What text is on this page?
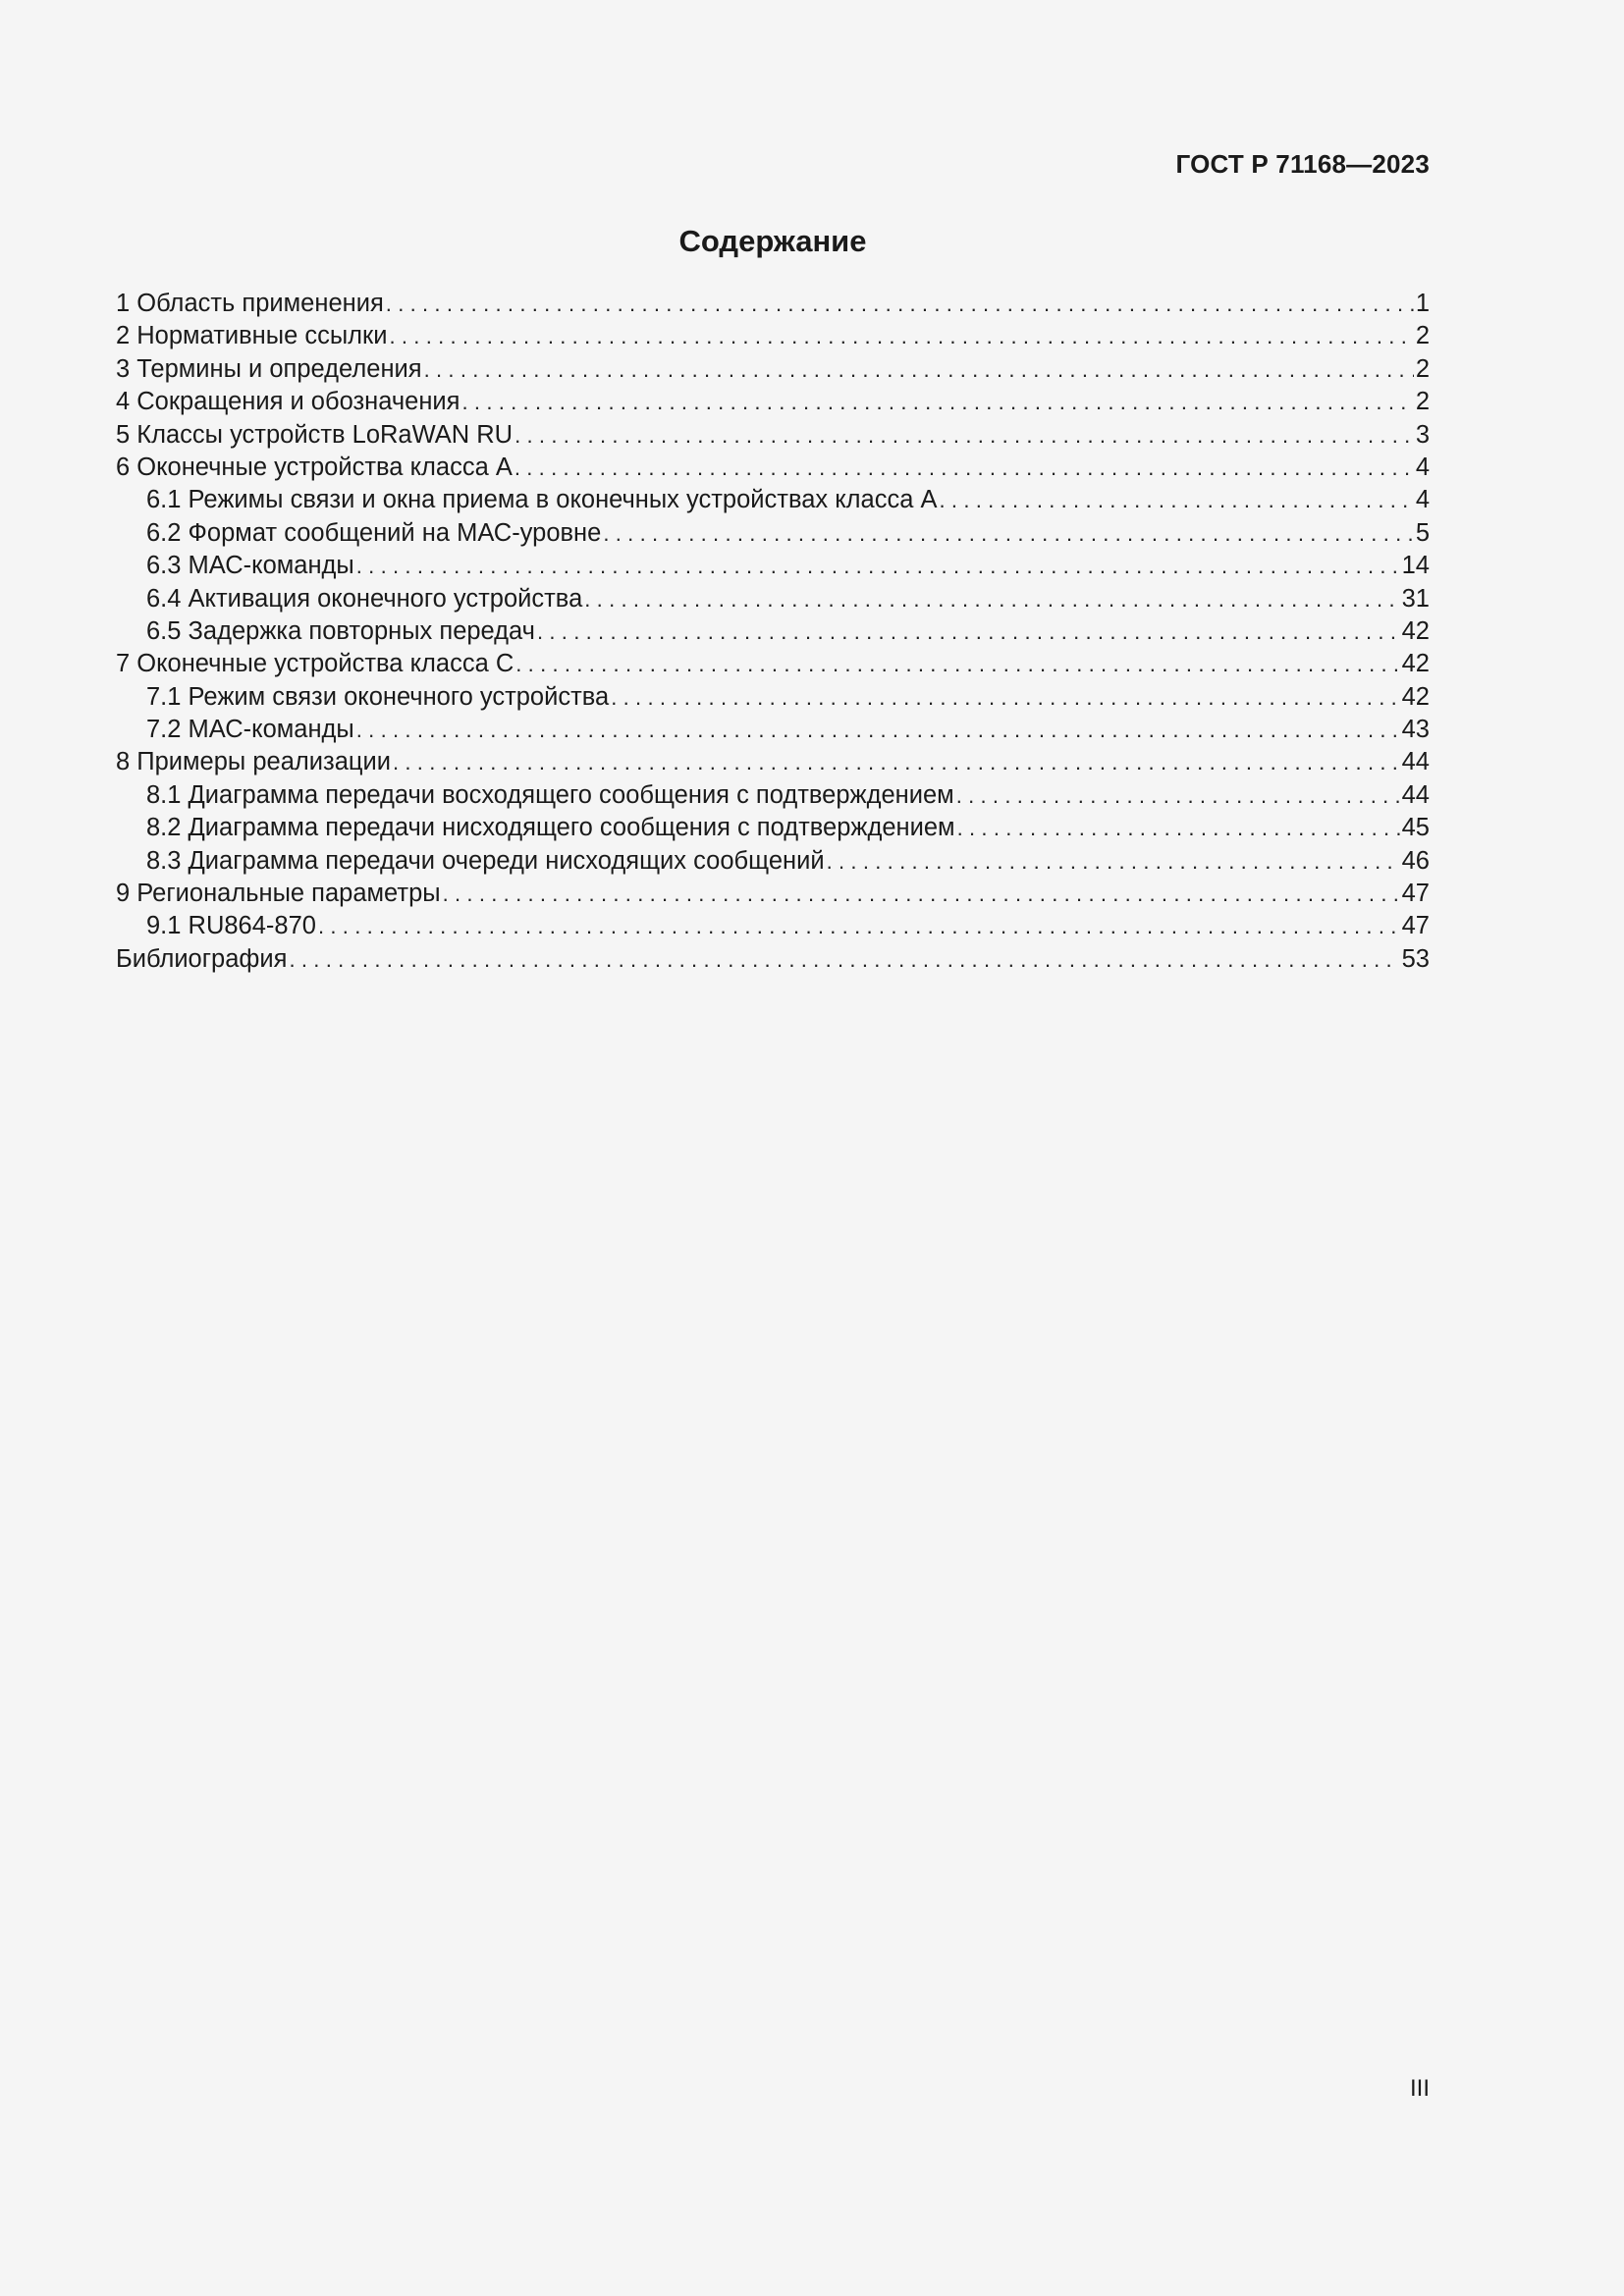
ГОСТ Р 71168—2023
Содержание
1 Область применения .....	1
2 Нормативные ссылки .....	2
3 Термины и определения .....	2
4 Сокращения и обозначения .....	2
5 Классы устройств LoRaWAN RU .....	3
6 Оконечные устройства класса А .....	4
6.1 Режимы связи и окна приема в оконечных устройствах класса А .....	4
6.2 Формат сообщений на МАС-уровне .....	5
6.3 МАС-команды .....	14
6.4 Активация оконечного устройства .....	31
6.5 Задержка повторных передач .....	42
7 Оконечные устройства класса С .....	42
7.1 Режим связи оконечного устройства .....	42
7.2 МАС-команды .....	43
8 Примеры реализации .....	44
8.1 Диаграмма передачи восходящего сообщения с подтверждением .....	44
8.2 Диаграмма передачи нисходящего сообщения с подтверждением .....	45
8.3 Диаграмма передачи очереди нисходящих сообщений .....	46
9 Региональные параметры .....	47
9.1 RU864-870 .....	47
Библиография .....	53
III
